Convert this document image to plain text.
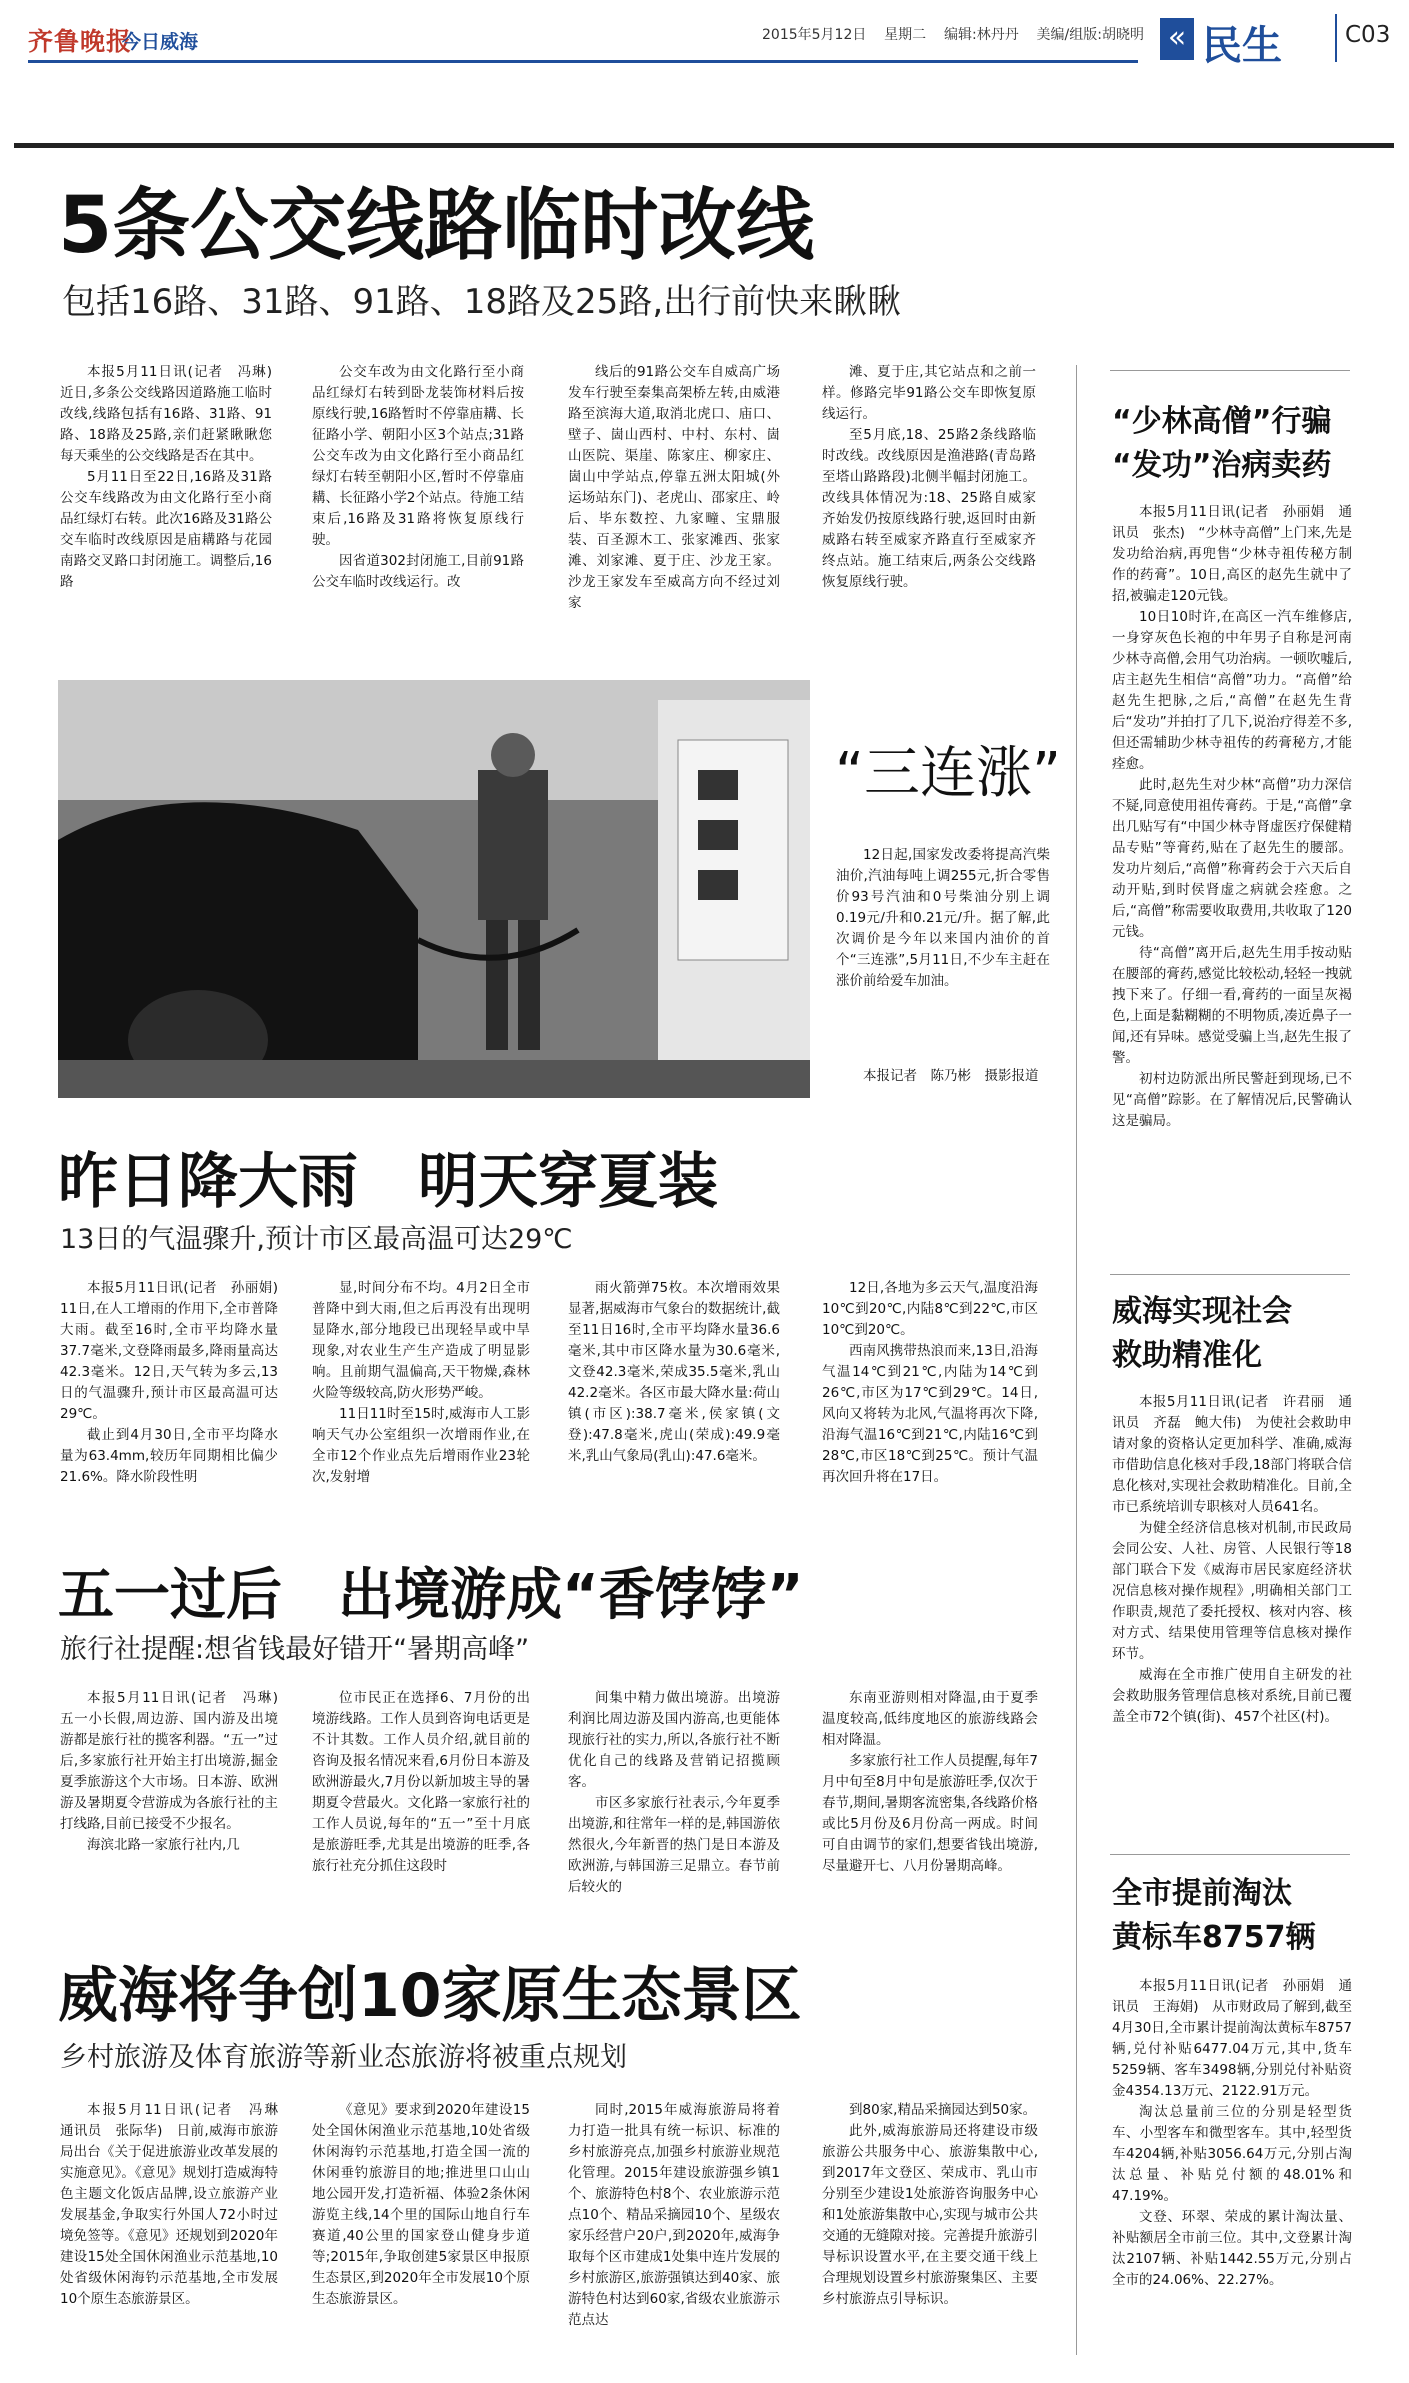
齐鲁晚报
今日威海	2015年5月12日 星期二 编辑:林丹丹 美编/组版:胡晓明 « 民生	C03
5条公交线路临时改线
包括16路、31路、91路、18路及25路,出行前快来瞅瞅

本报5月11日讯(记者　冯琳)　近日,多条公交线路因道路施工临时改线,线路包括有16路、31路、91路、18路及25路,亲们赶紧瞅瞅您每天乘坐的公交线路是否在其中。

5月11日至22日,16路及31路公交车线路改为由文化路行至小商品红绿灯右转。此次16路及31路公交车临时改线原因是庙耩路与花园南路交叉路口封闭施工。调整后,16路

公交车改为由文化路行至小商品红绿灯右转到卧龙装饰材料后按原线行驶,16路暂时不停靠庙耩、长征路小学、朝阳小区3个站点;31路公交车改为由文化路行至小商品红绿灯右转至朝阳小区,暂时不停靠庙耩、长征路小学2个站点。待施工结束后,16路及31路将恢复原线行驶。

因省道302封闭施工,目前91路公交车临时改线运行。改

线后的91路公交车自威高广场发车行驶至秦集高架桥左转,由威港路至滨海大道,取消北虎口、庙口、壁子、崮山西村、中村、东村、崮山医院、渠崖、陈家庄、柳家庄、崮山中学站点,停靠五洲太阳城(外运场站东门)、老虎山、邵家庄、岭后、毕东数控、九家疃、宝鼎服装、百圣源木工、张家滩西、张家滩、刘家滩、夏于庄、沙龙王家。沙龙王家发车至威高方向不经过刘家

滩、夏于庄,其它站点和之前一样。修路完毕91路公交车即恢复原线运行。

至5月底,18、25路2条线路临时改线。改线原因是渔港路(青岛路至塔山路路段)北侧半幅封闭施工。改线具体情况为:18、25路自威家齐始发仍按原线路行驶,返回时由新威路右转至威家齐路直行至威家齐终点站。施工结束后,两条公交线路恢复原线行驶。

“三连涨”

12日起,国家发改委将提高汽柴油价,汽油每吨上调255元,折合零售价93号汽油和0号柴油分别上调0.19元/升和0.21元/升。据了解,此次调价是今年以来国内油价的首个“三连涨”,5月11日,不少车主赶在涨价前给爱车加油。

本报记者　陈乃彬　摄影报道

昨日降大雨　明天穿夏装
13日的气温骤升,预计市区最高温可达29℃

本报5月11日讯(记者　孙丽娟)　11日,在人工增雨的作用下,全市普降大雨。截至16时,全市平均降水量37.7毫米,文登降雨最多,降雨量高达42.3毫米。12日,天气转为多云,13日的气温骤升,预计市区最高温可达29℃。

截止到4月30日,全市平均降水量为63.4mm,较历年同期相比偏少21.6%。降水阶段性明

显,时间分布不均。4月2日全市普降中到大雨,但之后再没有出现明显降水,部分地段已出现轻旱或中旱现象,对农业生产生产造成了明显影响。且前期气温偏高,天干物燥,森林火险等级较高,防火形势严峻。

11日11时至15时,威海市人工影响天气办公室组织一次增雨作业,在全市12个作业点先后增雨作业23轮次,发射增

雨火箭弹75枚。本次增雨效果显著,据威海市气象台的数据统计,截至11日16时,全市平均降水量36.6毫米,其中市区降水量为30.6毫米,文登42.3毫米,荣成35.5毫米,乳山42.2毫米。各区市最大降水量:荷山镇(市区):38.7毫米,侯家镇(文登):47.8毫米,虎山(荣成):49.9毫米,乳山气象局(乳山):47.6毫米。

12日,各地为多云天气,温度沿海10℃到20℃,内陆8℃到22℃,市区10℃到20℃。

西南风携带热浪而来,13日,沿海气温14℃到21℃,内陆为14℃到26℃,市区为17℃到29℃。14日,风向又将转为北风,气温将再次下降,沿海气温16℃到21℃,内陆16℃到28℃,市区18℃到25℃。预计气温再次回升将在17日。

五一过后　出境游成“香饽饽”
旅行社提醒:想省钱最好错开“暑期高峰”

本报5月11日讯(记者　冯琳)　五一小长假,周边游、国内游及出境游都是旅行社的揽客利器。“五一”过后,多家旅行社开始主打出境游,掘金夏季旅游这个大市场。日本游、欧洲游及暑期夏令营游成为各旅行社的主打线路,目前已接受不少报名。

海滨北路一家旅行社内,几

位市民正在选择6、7月份的出境游线路。工作人员到咨询电话更是不计其数。工作人员介绍,就目前的咨询及报名情况来看,6月份日本游及欧洲游最火,7月份以新加坡主导的暑期夏令营最火。文化路一家旅行社的工作人员说,每年的“五一”至十月底是旅游旺季,尤其是出境游的旺季,各旅行社充分抓住这段时

间集中精力做出境游。出境游利润比周边游及国内游高,也更能体现旅行社的实力,所以,各旅行社不断优化自己的线路及营销记招揽顾客。

市区多家旅行社表示,今年夏季出境游,和往常年一样的是,韩国游依然很火,今年新晋的热门是日本游及欧洲游,与韩国游三足鼎立。春节前后较火的

东南亚游则相对降温,由于夏季温度较高,低纬度地区的旅游线路会相对降温。

多家旅行社工作人员提醒,每年7月中旬至8月中旬是旅游旺季,仅次于春节,期间,暑期客流密集,各线路价格或比5月份及6月份高一两成。时间可自由调节的家们,想要省钱出境游,尽量避开七、八月份暑期高峰。

威海将争创10家原生态景区
乡村旅游及体育旅游等新业态旅游将被重点规划

本报5月11日讯(记者　冯琳　通讯员　张际华)　日前,威海市旅游局出台《关于促进旅游业改革发展的实施意见》。《意见》规划打造威海特色主题文化饭店品牌,设立旅游产业发展基金,争取实行外国人72小时过境免签等。《意见》还规划到2020年建设15处全国休闲渔业示范基地,10处省级休闲海钓示范基地,全市发展10个原生态旅游景区。

《意见》要求到2020年建设15处全国休闲渔业示范基地,10处省级休闲海钓示范基地,打造全国一流的休闲垂钓旅游目的地;推进里口山山地公园开发,打造祈福、体验2条休闲游览主线,14个里的国际山地自行车赛道,40公里的国家登山健身步道等;2015年,争取创建5家景区申报原生态景区,到2020年全市发展10个原生态旅游景区。

同时,2015年威海旅游局将着力打造一批具有统一标识、标准的乡村旅游亮点,加强乡村旅游业规范化管理。2015年建设旅游强乡镇1个、旅游特色村8个、农业旅游示范点10个、精品采摘园10个、星级农家乐经营户20户,到2020年,威海争取每个区市建成1处集中连片发展的乡村旅游区,旅游强镇达到40家、旅游特色村达到60家,省级农业旅游示范点达

到80家,精品采摘园达到50家。

此外,威海旅游局还将建设市级旅游公共服务中心、旅游集散中心,到2017年文登区、荣成市、乳山市分别至少建设1处旅游咨询服务中心和1处旅游集散中心,实现与城市公共交通的无缝隙对接。完善提升旅游引导标识设置水平,在主要交通干线上合理规划设置乡村旅游聚集区、主要乡村旅游点引导标识。

“少林高僧”行骗
“发功”治病卖药

本报5月11日讯(记者　孙丽娟　通讯员　张杰)　“少林寺高僧”上门来,先是发功给治病,再兜售“少林寺祖传秘方制作的药膏”。10日,高区的赵先生就中了招,被骗走120元钱。

10日10时许,在高区一汽车维修店,一身穿灰色长袍的中年男子自称是河南少林寺高僧,会用气功治病。一顿吹嘘后,店主赵先生相信“高僧”功力。“高僧”给赵先生把脉,之后,“高僧”在赵先生背后“发功”并拍打了几下,说治疗得差不多,但还需辅助少林寺祖传的药膏秘方,才能痊愈。

此时,赵先生对少林“高僧”功力深信不疑,同意使用祖传膏药。于是,“高僧”拿出几贴写有“中国少林寺肾虚医疗保健精品专贴”等膏药,贴在了赵先生的腰部。发功片刻后,“高僧”称膏药会于六天后自动开贴,到时侯肾虚之病就会痊愈。之后,“高僧”称需要收取费用,共收取了120元钱。

待“高僧”离开后,赵先生用手按动贴在腰部的膏药,感觉比较松动,轻轻一拽就拽下来了。仔细一看,膏药的一面呈灰褐色,上面是黏糊糊的不明物质,凑近鼻子一闻,还有异味。感觉受骗上当,赵先生报了警。

初村边防派出所民警赶到现场,已不见“高僧”踪影。在了解情况后,民警确认这是骗局。

威海实现社会
救助精准化

本报5月11日讯(记者　许君丽　通讯员　齐磊　鲍大伟)　为使社会救助申请对象的资格认定更加科学、准确,威海市借助信息化核对手段,18部门将联合信息化核对,实现社会救助精准化。目前,全市已系统培训专职核对人员641名。

为健全经济信息核对机制,市民政局会同公安、人社、房管、人民银行等18部门联合下发《威海市居民家庭经济状况信息核对操作规程》,明确相关部门工作职责,规范了委托授权、核对内容、核对方式、结果使用管理等信息核对操作环节。

威海在全市推广使用自主研发的社会救助服务管理信息核对系统,目前已覆盖全市72个镇(街)、457个社区(村)。

全市提前淘汰
黄标车8757辆

本报5月11日讯(记者　孙丽娟　通讯员　王海娟)　从市财政局了解到,截至4月30日,全市累计提前淘汰黄标车8757辆,兑付补贴6477.04万元,其中,货车5259辆、客车3498辆,分别兑付补贴资金4354.13万元、2122.91万元。

淘汰总量前三位的分别是轻型货车、小型客车和微型客车。其中,轻型货车4204辆,补贴3056.64万元,分别占淘汰总量、补贴兑付额的48.01%和47.19%。

文登、环翠、荣成的累计淘汰量、补贴额居全市前三位。其中,文登累计淘汰2107辆、补贴1442.55万元,分别占全市的24.06%、22.27%。
